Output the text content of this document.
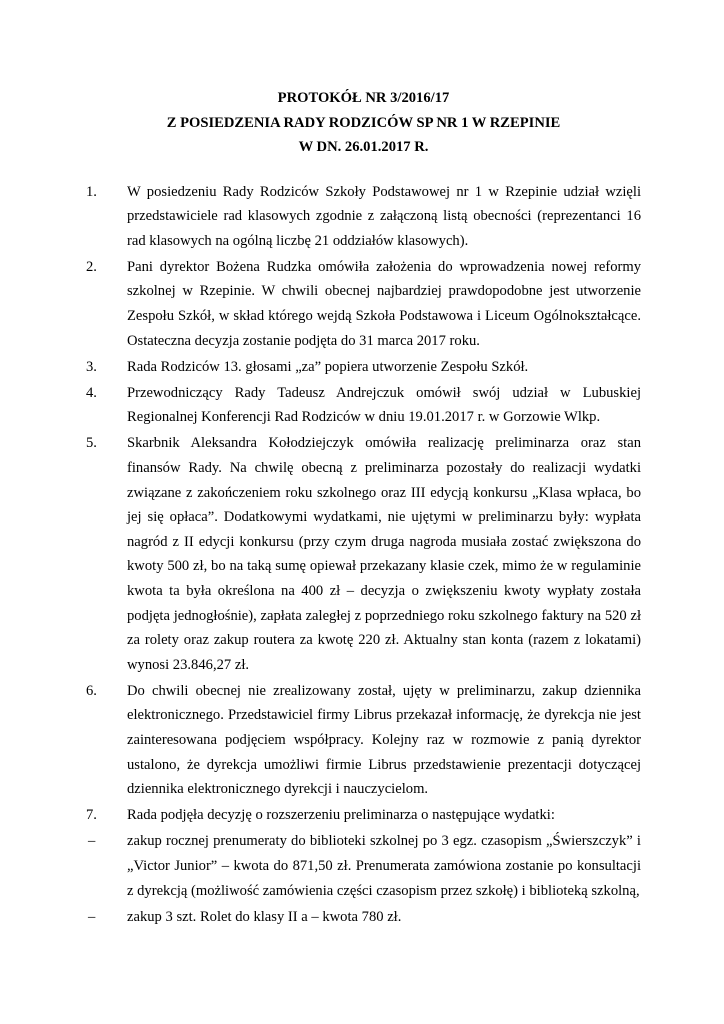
PROTOKÓŁ NR 3/2016/17
Z POSIEDZENIA RADY RODZICÓW SP NR 1 W RZEPINIE
W DN. 26.01.2017 R.
1. W posiedzeniu Rady Rodziców Szkoły Podstawowej nr 1 w Rzepinie udział wzięli przedstawiciele rad klasowych zgodnie z załączoną listą obecności (reprezentanci 16 rad klasowych na ogólną liczbę 21 oddziałów klasowych).
2. Pani dyrektor Bożena Rudzka omówiła założenia do wprowadzenia nowej reformy szkolnej w Rzepinie. W chwili obecnej najbardziej prawdopodobne jest utworzenie Zespołu Szkół, w skład którego wejdą Szkoła Podstawowa i Liceum Ogólnokształcące. Ostateczna decyzja zostanie podjęta do 31 marca 2017 roku.
3. Rada Rodziców 13. głosami „za” popiera utworzenie Zespołu Szkół.
4. Przewodniczący Rady Tadeusz Andrejczuk omówił swój udział w Lubuskiej Regionalnej Konferencji Rad Rodziców w dniu 19.01.2017 r. w Gorzowie Wlkp.
5. Skarbnik Aleksandra Kołodziejczyk omówiła realizację preliminarza oraz stan finansów Rady. Na chwilę obecną z preliminarza pozostały do realizacji wydatki związane z zakończeniem roku szkolnego oraz III edycją konkursu „Klasa wpłaca, bo jej się opłaca”. Dodatkowymi wydatkami, nie ujętymi w preliminarzu były: wypłata nagród z II edycji konkursu (przy czym druga nagroda musiała zostać zwiększona do kwoty 500 zł, bo na taką sumę opiewał przekazany klasie czek, mimo że w regulaminie kwota ta była określona na 400 zł – decyzja o zwiększeniu kwoty wypłaty została podjęta jednogłośnie), zapłata zaległej z poprzedniego roku szkolnego faktury na 520 zł za rolety oraz zakup routera za kwotę 220 zł. Aktualny stan konta (razem z lokatami) wynosi 23.846,27 zł.
6. Do chwili obecnej nie zrealizowany został, ujęty w preliminarzu, zakup dziennika elektronicznego. Przedstawiciel firmy Librus przekazał informację, że dyrekcja nie jest zainteresowana podjęciem współpracy. Kolejny raz w rozmowie z panią dyrektor ustalono, że dyrekcja umożliwi firmie Librus przedstawienie prezentacji dotyczącej dziennika elektronicznego dyrekcji i nauczycielom.
7. Rada podjęła decyzję o rozszerzeniu preliminarza o następujące wydatki:
– zakup rocznej prenumeraty do biblioteki szkolnej po 3 egz. czasopism „Świerszczyk” i „Victor Junior” – kwota do 871,50 zł. Prenumerata zamówiona zostanie po konsultacji z dyrekcją (możliwość zamówienia części czasopism przez szkołę) i biblioteką szkolną,
– zakup 3 szt. Rolet do klasy II a – kwota 780 zł.
